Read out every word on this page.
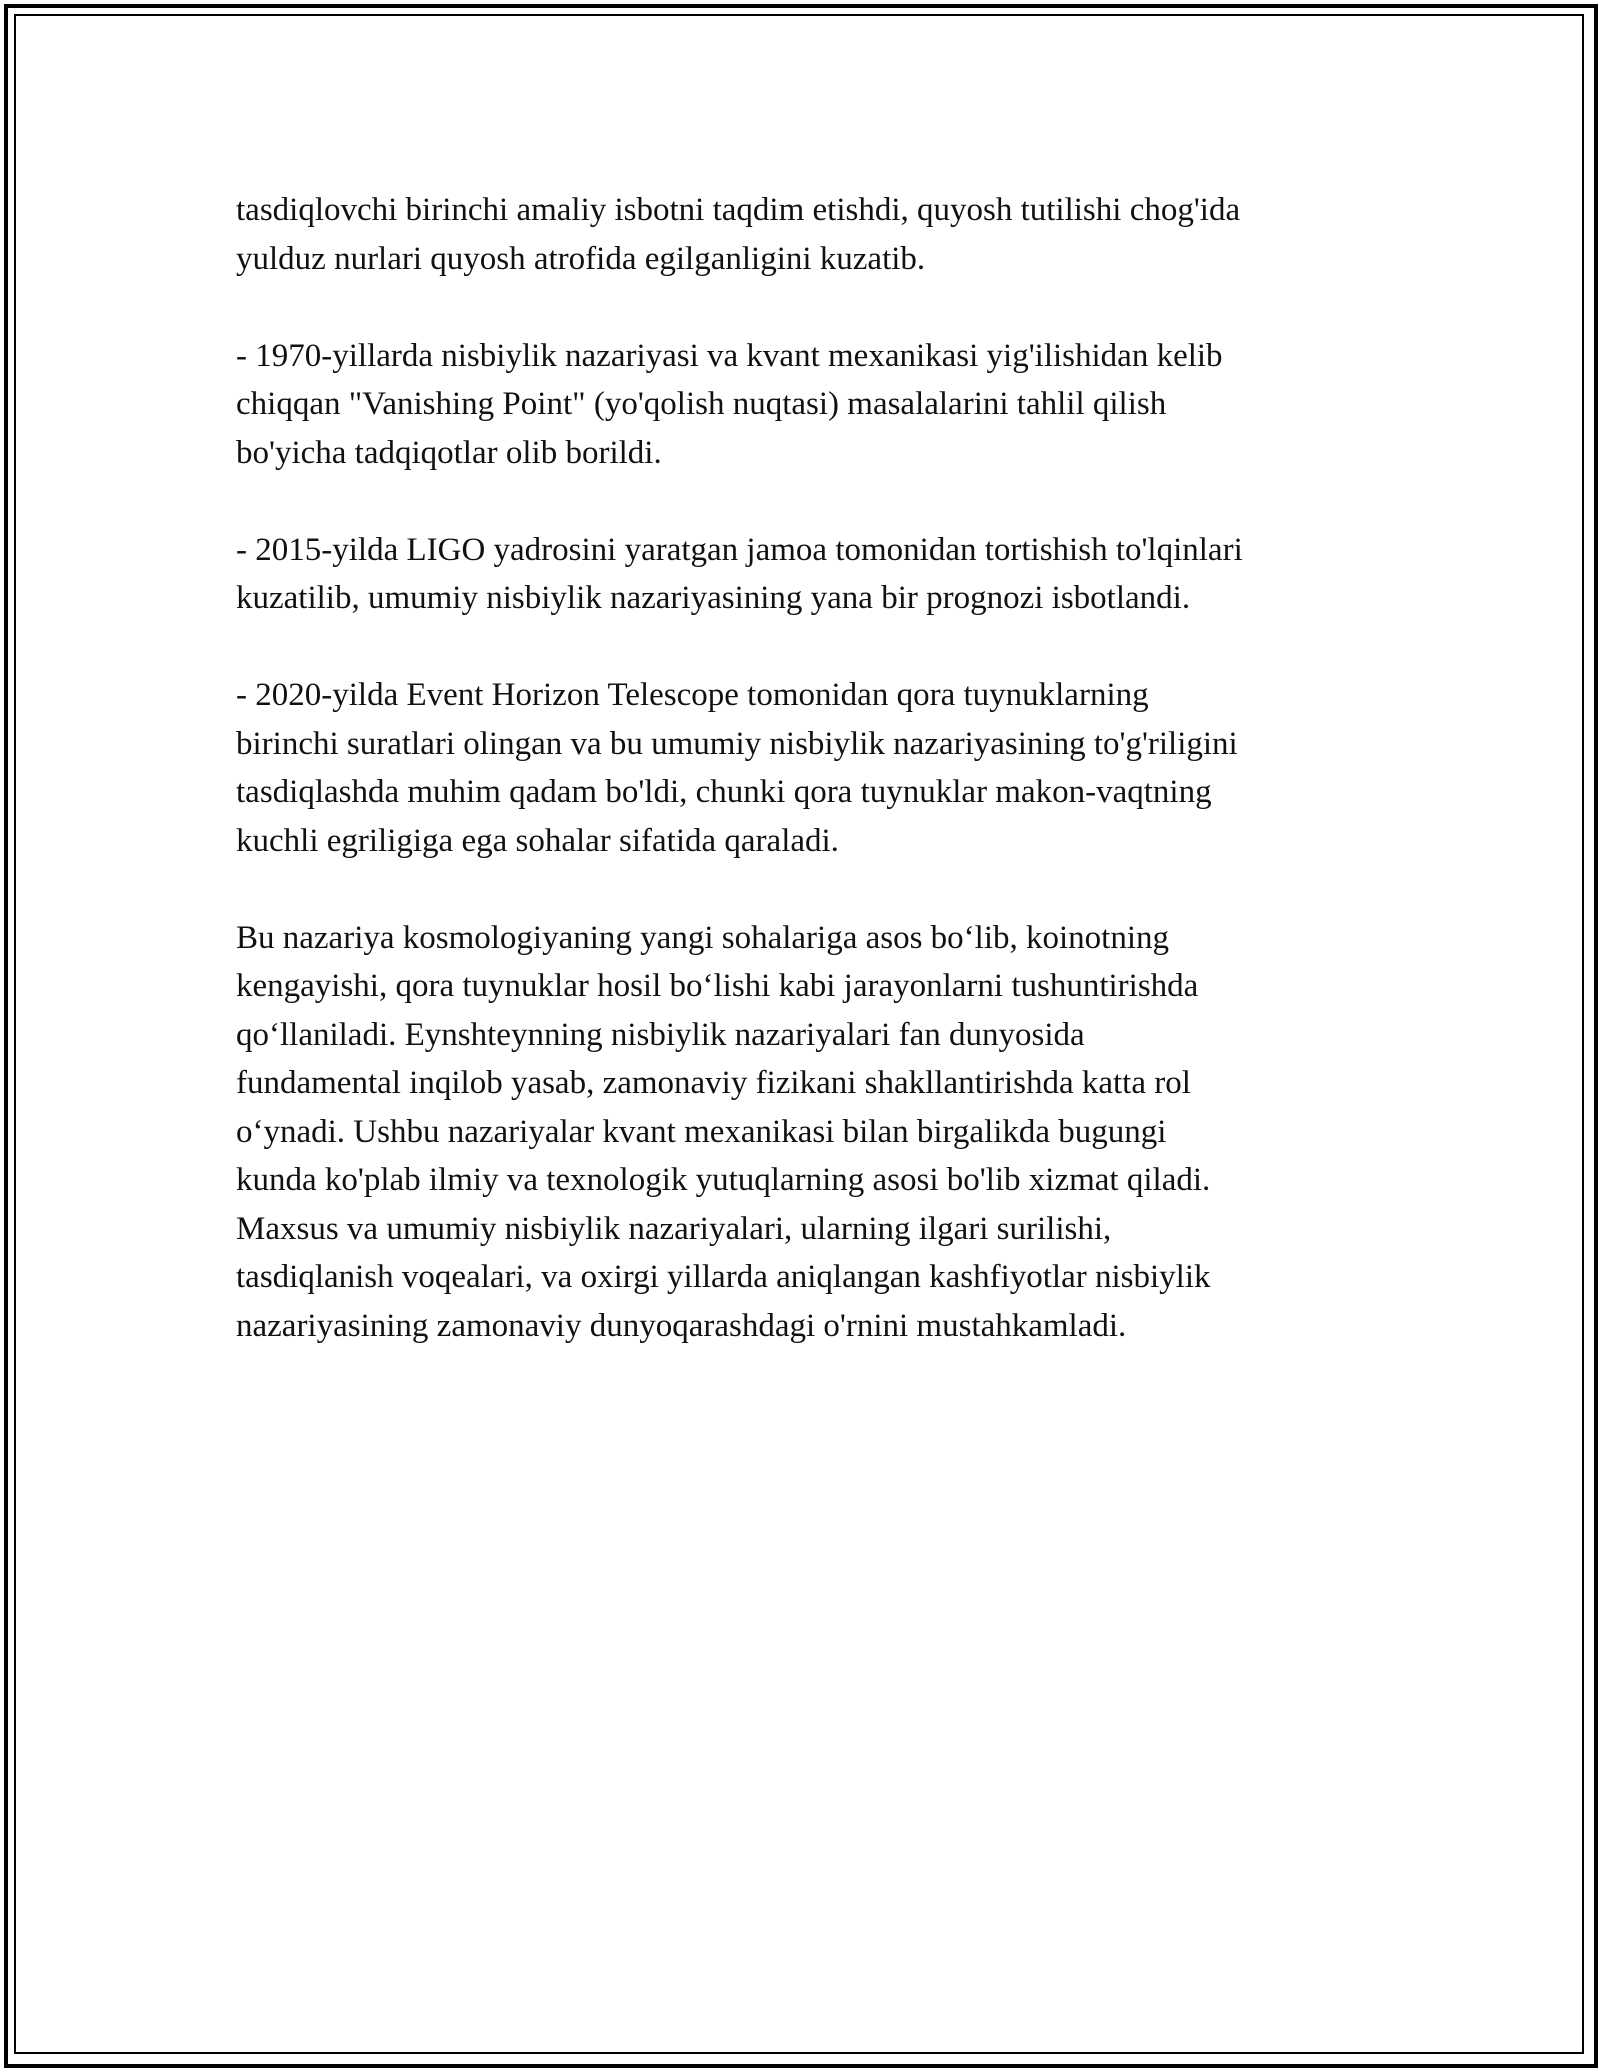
tasdiqlovchi birinchi amaliy isbotni taqdim etishdi, quyosh tutilishi chog'ida
yulduz nurlari quyosh atrofida egilganligini kuzatib.

- 1970-yillarda nisbiylik nazariyasi va kvant mexanikasi yig'ilishidan kelib
chiqqan "Vanishing Point" (yo'qolish nuqtasi) masalalarini tahlil qilish
bo'yicha tadqiqotlar olib borildi.

- 2015-yilda LIGO yadrosini yaratgan jamoa tomonidan tortishish to'lqinlari
kuzatilib, umumiy nisbiylik nazariyasining yana bir prognozi isbotlandi.

- 2020-yilda Event Horizon Telescope tomonidan qora tuynuklarning
birinchi suratlari olingan va bu umumiy nisbiylik nazariyasining to'g'riligini
tasdiqlashda muhim qadam bo'ldi, chunki qora tuynuklar makon-vaqtning
kuchli egriligiga ega sohalar sifatida qaraladi.

Bu nazariya kosmologiyaning yangi sohalariga asos bo‘lib, koinotning
kengayishi, qora tuynuklar hosil bo‘lishi kabi jarayonlarni tushuntirishda
qo‘llaniladi. Eynshteynning nisbiylik nazariyalari fan dunyosida
fundamental inqilob yasab, zamonaviy fizikani shakllantirishda katta rol
o‘ynadi. Ushbu nazariyalar kvant mexanikasi bilan birgalikda bugungi
kunda ko'plab ilmiy va texnologik yutuqlarning asosi bo'lib xizmat qiladi.
Maxsus va umumiy nisbiylik nazariyalari, ularning ilgari surilishi,
tasdiqlanish voqealari, va oxirgi yillarda aniqlangan kashfiyotlar nisbiylik
nazariyasining zamonaviy dunyoqarashdagi o'rnini mustahkamladi.
